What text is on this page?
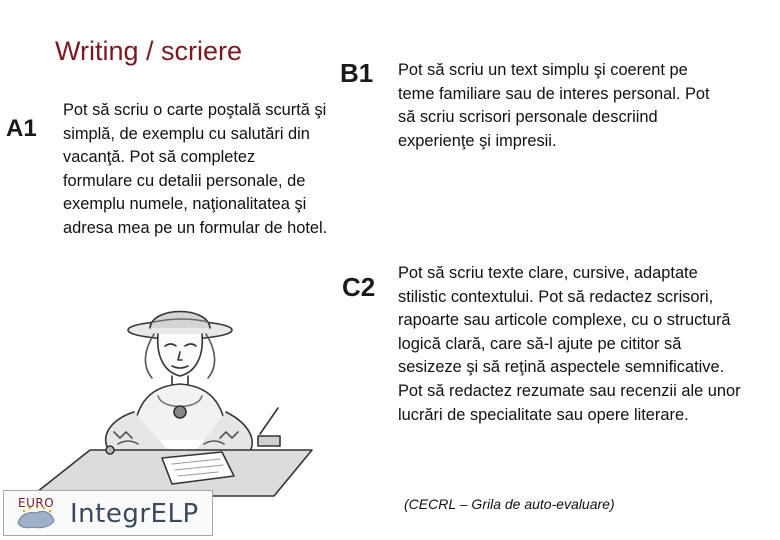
Writing / scriere
A1
Pot să scriu o carte poştală scurtă şi simplă, de exemplu cu salutări din vacanţă. Pot să completez formulare cu detalii personale, de exemplu numele, naţionalitatea şi adresa mea pe un formular de hotel.
B1 Pot să scriu un text simplu şi coerent pe teme familiare sau de interes personal. Pot să scriu scrisori personale descriind experienţe şi impresii.
C2 Pot să scriu texte clare, cursive, adaptate stilistic contextului. Pot să redactez scrisori, rapoarte sau articole complexe, cu o structură logică clară, care să-l ajute pe cititor să sesizeze şi să reţină aspectele semnificative. Pot să redactez rezumate sau recenzii ale unor lucrări de specialitate sau opere literare.
(CECRL – Grila de auto-evaluare)
EURO IntegrELP
